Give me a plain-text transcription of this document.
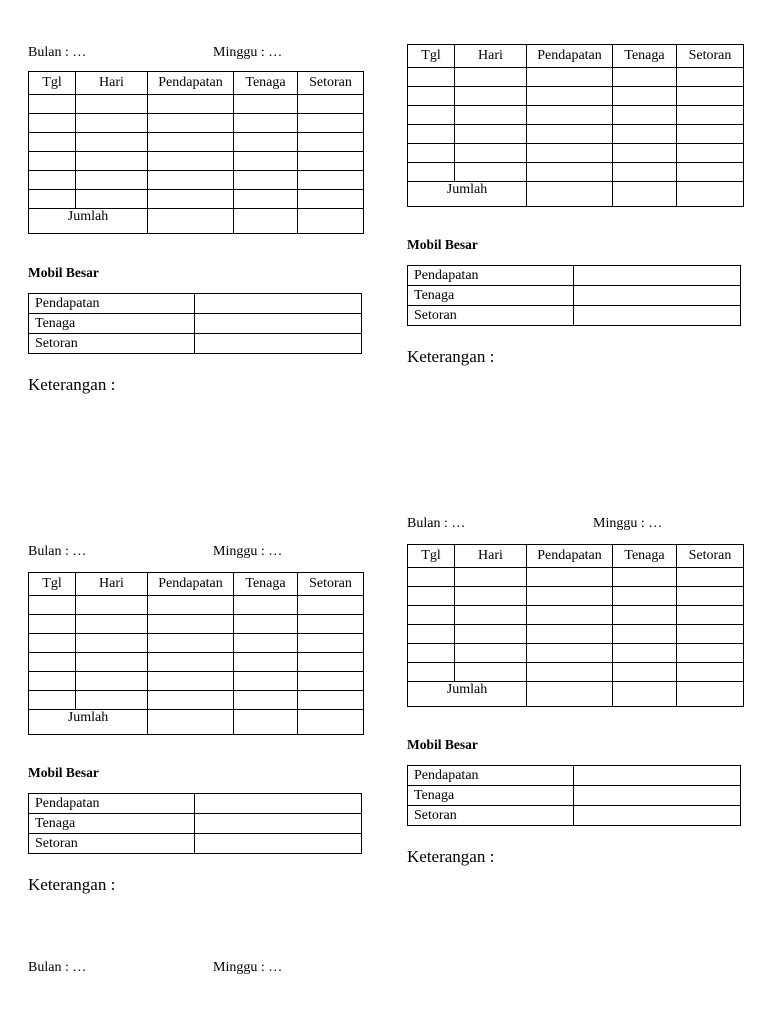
Bulan : …	Minggu : …
Tgl	Hari	Pendapatan	Tenaga	Setoran

Jumlah				
Mobil Besar
Pendapatan	
Tenaga	
Setoran	
Keterangan :
Tgl	Hari	Pendapatan	Tenaga	Setoran

Jumlah				
Mobil Besar
Pendapatan	
Tenaga	
Setoran	
Keterangan :
Bulan : …	Minggu : …
Tgl	Hari	Pendapatan	Tenaga	Setoran

Jumlah				
Mobil Besar
Pendapatan	
Tenaga	
Setoran	
Keterangan :
Bulan : …	Minggu : …
Tgl	Hari	Pendapatan	Tenaga	Setoran

Jumlah				
Mobil Besar
Pendapatan	
Tenaga	
Setoran	
Keterangan :
Bulan : …	Minggu : …
